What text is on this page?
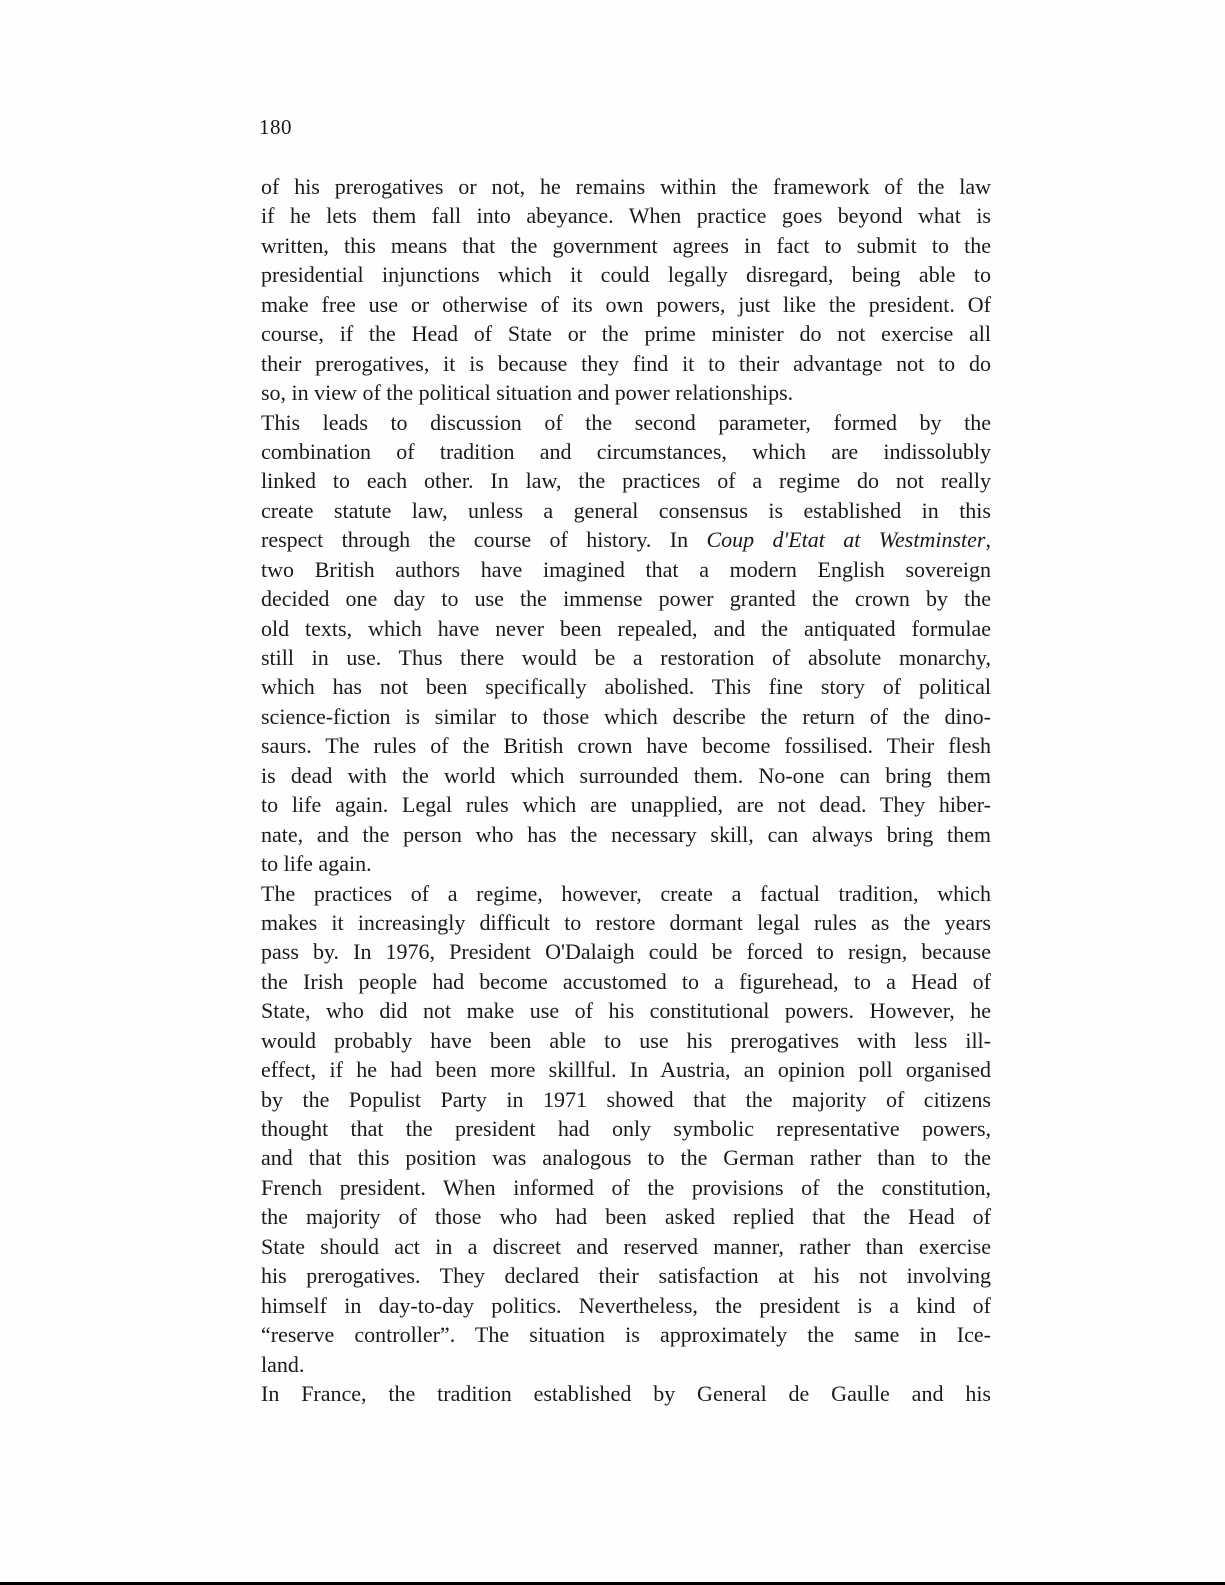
180
of his prerogatives or not, he remains within the framework of the law
if he lets them fall into abeyance. When practice goes beyond what is
written, this means that the government agrees in fact to submit to the
presidential injunctions which it could legally disregard, being able to
make free use or otherwise of its own powers, just like the president. Of
course, if the Head of State or the prime minister do not exercise all
their prerogatives, it is because they find it to their advantage not to do
so, in view of the political situation and power relationships.
This leads to discussion of the second parameter, formed by the
combination of tradition and circumstances, which are indissolubly
linked to each other. In law, the practices of a regime do not really
create statute law, unless a general consensus is established in this
respect through the course of history. In Coup d'Etat at Westminster,
two British authors have imagined that a modern English sovereign
decided one day to use the immense power granted the crown by the
old texts, which have never been repealed, and the antiquated formulae
still in use. Thus there would be a restoration of absolute monarchy,
which has not been specifically abolished. This fine story of political
science-fiction is similar to those which describe the return of the dino-
saurs. The rules of the British crown have become fossilised. Their flesh
is dead with the world which surrounded them. No-one can bring them
to life again. Legal rules which are unapplied, are not dead. They hiber-
nate, and the person who has the necessary skill, can always bring them
to life again.
The practices of a regime, however, create a factual tradition, which
makes it increasingly difficult to restore dormant legal rules as the years
pass by. In 1976, President O'Dalaigh could be forced to resign, because
the Irish people had become accustomed to a figurehead, to a Head of
State, who did not make use of his constitutional powers. However, he
would probably have been able to use his prerogatives with less ill-
effect, if he had been more skillful. In Austria, an opinion poll organised
by the Populist Party in 1971 showed that the majority of citizens
thought that the president had only symbolic representative powers,
and that this position was analogous to the German rather than to the
French president. When informed of the provisions of the constitution,
the majority of those who had been asked replied that the Head of
State should act in a discreet and reserved manner, rather than exercise
his prerogatives. They declared their satisfaction at his not involving
himself in day-to-day politics. Nevertheless, the president is a kind of
“reserve controller”. The situation is approximately the same in Ice-
land.
In France, the tradition established by General de Gaulle and his
